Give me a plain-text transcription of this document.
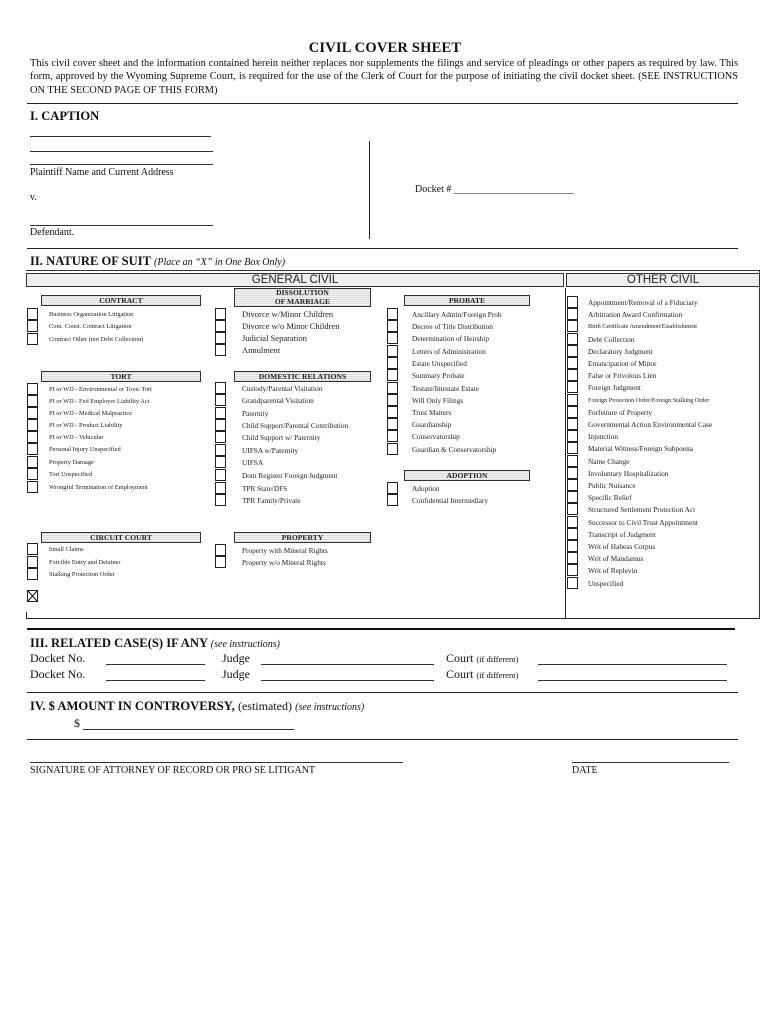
CIVIL COVER SHEET
This civil cover sheet and the information contained herein neither replaces nor supplements the filings and service of pleadings or other papers as required by law. This form, approved by the Wyoming Supreme Court, is required for the use of the Clerk of Court for the purpose of initiating the civil docket sheet. (SEE INSTRUCTIONS ON THE SECOND PAGE OF THIS FORM)
I. CAPTION
Plaintiff Name and Current Address
v.
Defendant.
Docket # ________________________
II. NATURE OF SUIT (Place an “X” in One Box Only)
GENERAL CIVIL	OTHER CIVIL
CONTRACT
DISSOLUTION
OF MARRIAGE	PROBATE
TORT	DOMESTIC RELATIONS
ADOPTION
CIRCUIT COURT	PROPERTY
Business Organization Litigation
Com. Const. Contract Litigation
Contract Other (not Debt Collection)
PI or WD - Environmental or Toxic Tort
PI or WD - Fed Employer Liability Act
PI or WD - Medical Malpractice
PI or WD - Product Liability
PI or WD - Vehicular
Personal Injury Unspecified
Property Damage
Tort Unspecified
Wrongful Termination of Employment
Small Claims
Forcible Entry and Detainer
Stalking Protection Order
Divorce w/Minor Children
Divorce w/o Minor Children
Judicial Separation
Annulment
Custody/Parental Visitation
Grandparental Visitation
Paternity
Child Support/Parental Contribution
Child Support w/ Paternity
UIFSA w/Paternity
UIFSA
Dom Register Foreign Judgment
TPR State/DFS
TPR Family/Private
Property with Mineral Rights
Property w/o Mineral Rights
Ancillary Admin/Foreign Prob
Decree of Title Distribution
Determination of Heirship
Letters of Administration
Estate Unspecified
Summary Probate
Testate/Intestate Estate
Will Only Filings
Trust Matters
Guardianship
Conservatorship
Guardian & Conservatorship
Adoption
Confidential Intermediary
Appointment/Removal of a Fiduciary
Arbitration Award Confirmation
Birth Certificate Amendment/Establishment
Debt Collection
Declaratory Judgment
Emancipation of Minor
False or Frivolous Lien
Foreign Judgment
Foreign Protection Order/Foreign Stalking Order
Forfeiture of Property
Governmental Action Environmental Case
Injunction
Material Witness/Foreign Subpoena
Name Change
Involuntary Hospitalization
Public Nuisance
Specific Relief
Structured Settlement Protection Act
Successor to Civil Trust Appointment
Transcript of Judgment
Writ of Habeas Corpus
Writ of Mandamus
Writ of Replevin
Unspecified
III. RELATED CASE(S) IF ANY (see instructions)
Docket No.	Judge	Court (if different)
Docket No.	Judge	Court (if different)
IV. $ AMOUNT IN CONTROVERSY, (estimated) (see instructions)
$
SIGNATURE OF ATTORNEY OF RECORD OR PRO SE LITIGANT	DATE
